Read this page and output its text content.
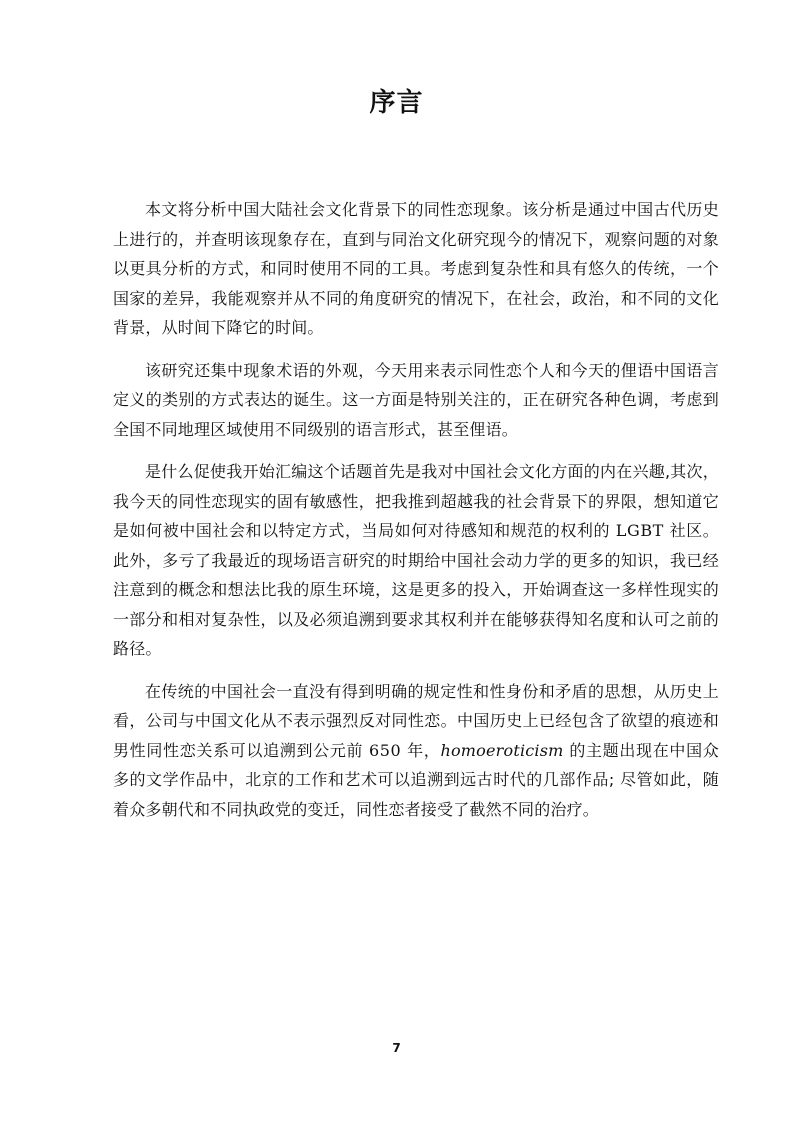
序言

本文将分析中国大陆社会文化背景下的同性恋现象。该分析是通过中国古代历史上进行的，并查明该现象存在，直到与同治文化研究现今的情况下，观察问题的对象以更具分析的方式，和同时使用不同的工具。考虑到复杂性和具有悠久的传统，一个国家的差异，我能观察并从不同的角度研究的情况下，在社会，政治，和不同的文化背景，从时间下降它的时间。

该研究还集中现象术语的外观，今天用来表示同性恋个人和今天的俚语中国语言定义的类别的方式表达的诞生。这一方面是特别关注的，正在研究各种色调，考虑到全国不同地理区域使用不同级别的语言形式，甚至俚语。

是什么促使我开始汇编这个话题首先是我对中国社会文化方面的内在兴趣,其次，我今天的同性恋现实的固有敏感性，把我推到超越我的社会背景下的界限，想知道它是如何被中国社会和以特定方式，当局如何对待感知和规范的权利的 LGBT 社区。此外，多亏了我最近的现场语言研究的时期给中国社会动力学的更多的知识，我已经注意到的概念和想法比我的原生环境，这是更多的投入，开始调查这一多样性现实的一部分和相对复杂性，以及必须追溯到要求其权利并在能够获得知名度和认可之前的路径。

在传统的中国社会一直没有得到明确的规定性和性身份和矛盾的思想，从历史上看，公司与中国文化从不表示强烈反对同性恋。中国历史上已经包含了欲望的痕迹和男性同性恋关系可以追溯到公元前 650 年，homoeroticism 的主题出现在中国众多的文学作品中，北京的工作和艺术可以追溯到远古时代的几部作品; 尽管如此，随着众多朝代和不同执政党的变迁，同性恋者接受了截然不同的治疗。

7
